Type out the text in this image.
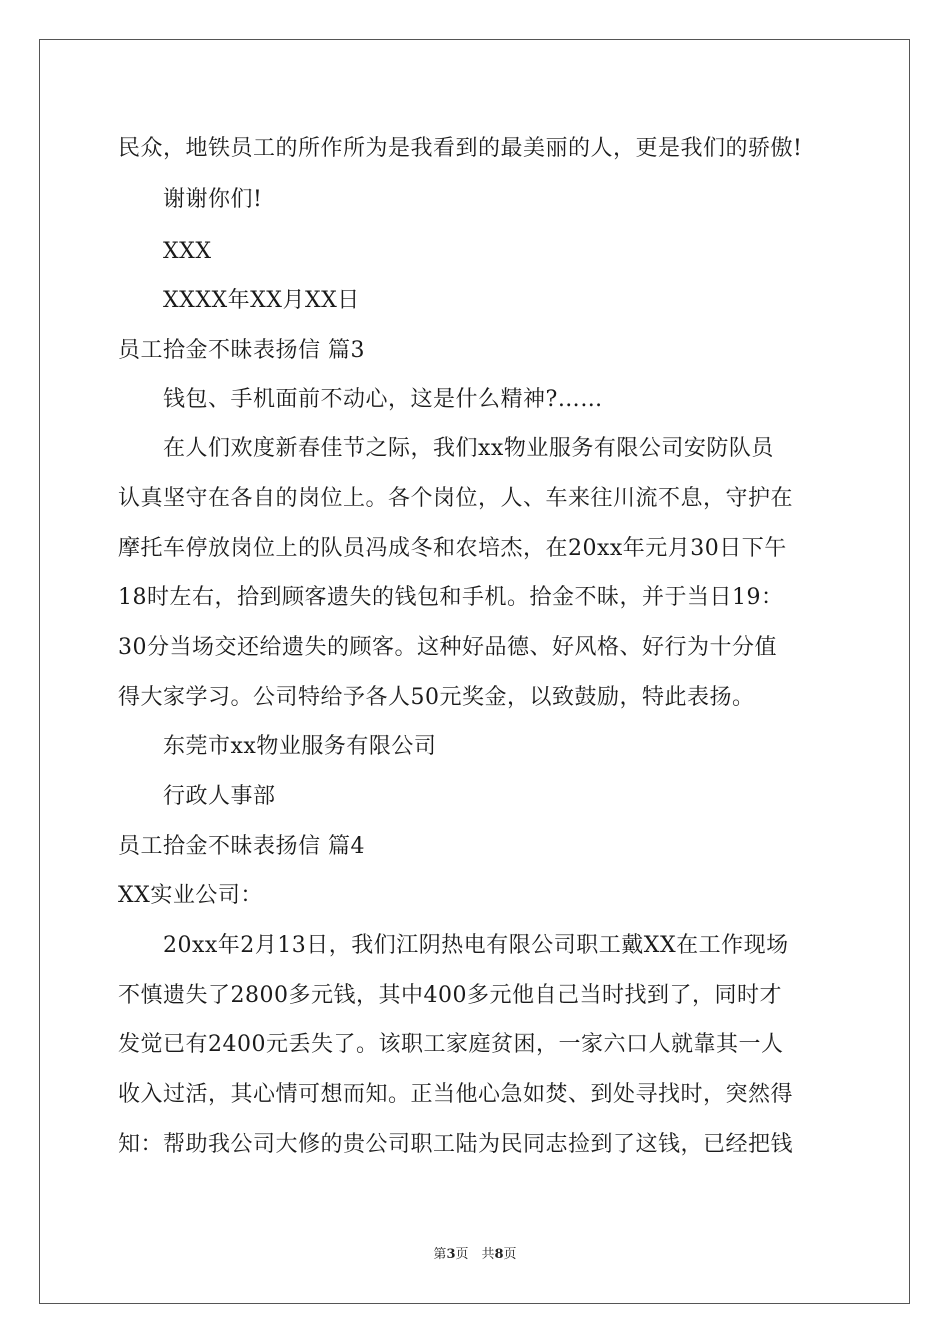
民众，地铁员工的所作所为是我看到的最美丽的人，更是我们的骄傲!
谢谢你们!
XXX
XXXX年XX月XX日
员工拾金不昧表扬信 篇3
钱包、手机面前不动心，这是什么精神?……
在人们欢度新春佳节之际，我们xx物业服务有限公司安防队员
认真坚守在各自的岗位上。各个岗位，人、车来往川流不息，守护在
摩托车停放岗位上的队员冯成冬和农培杰，在20xx年元月30日下午
18时左右，拾到顾客遗失的钱包和手机。拾金不昧，并于当日19：
30分当场交还给遗失的顾客。这种好品德、好风格、好行为十分值
得大家学习。公司特给予各人50元奖金，以致鼓励，特此表扬。
东莞市xx物业服务有限公司
行政人事部
员工拾金不昧表扬信 篇4
XX实业公司：
20xx年2月13日，我们江阴热电有限公司职工戴XX在工作现场
不慎遗失了2800多元钱，其中400多元他自己当时找到了，同时才
发觉已有2400元丢失了。该职工家庭贫困，一家六口人就靠其一人
收入过活，其心情可想而知。正当他心急如焚、到处寻找时，突然得
知：帮助我公司大修的贵公司职工陆为民同志捡到了这钱，已经把钱
第3页　共8页
